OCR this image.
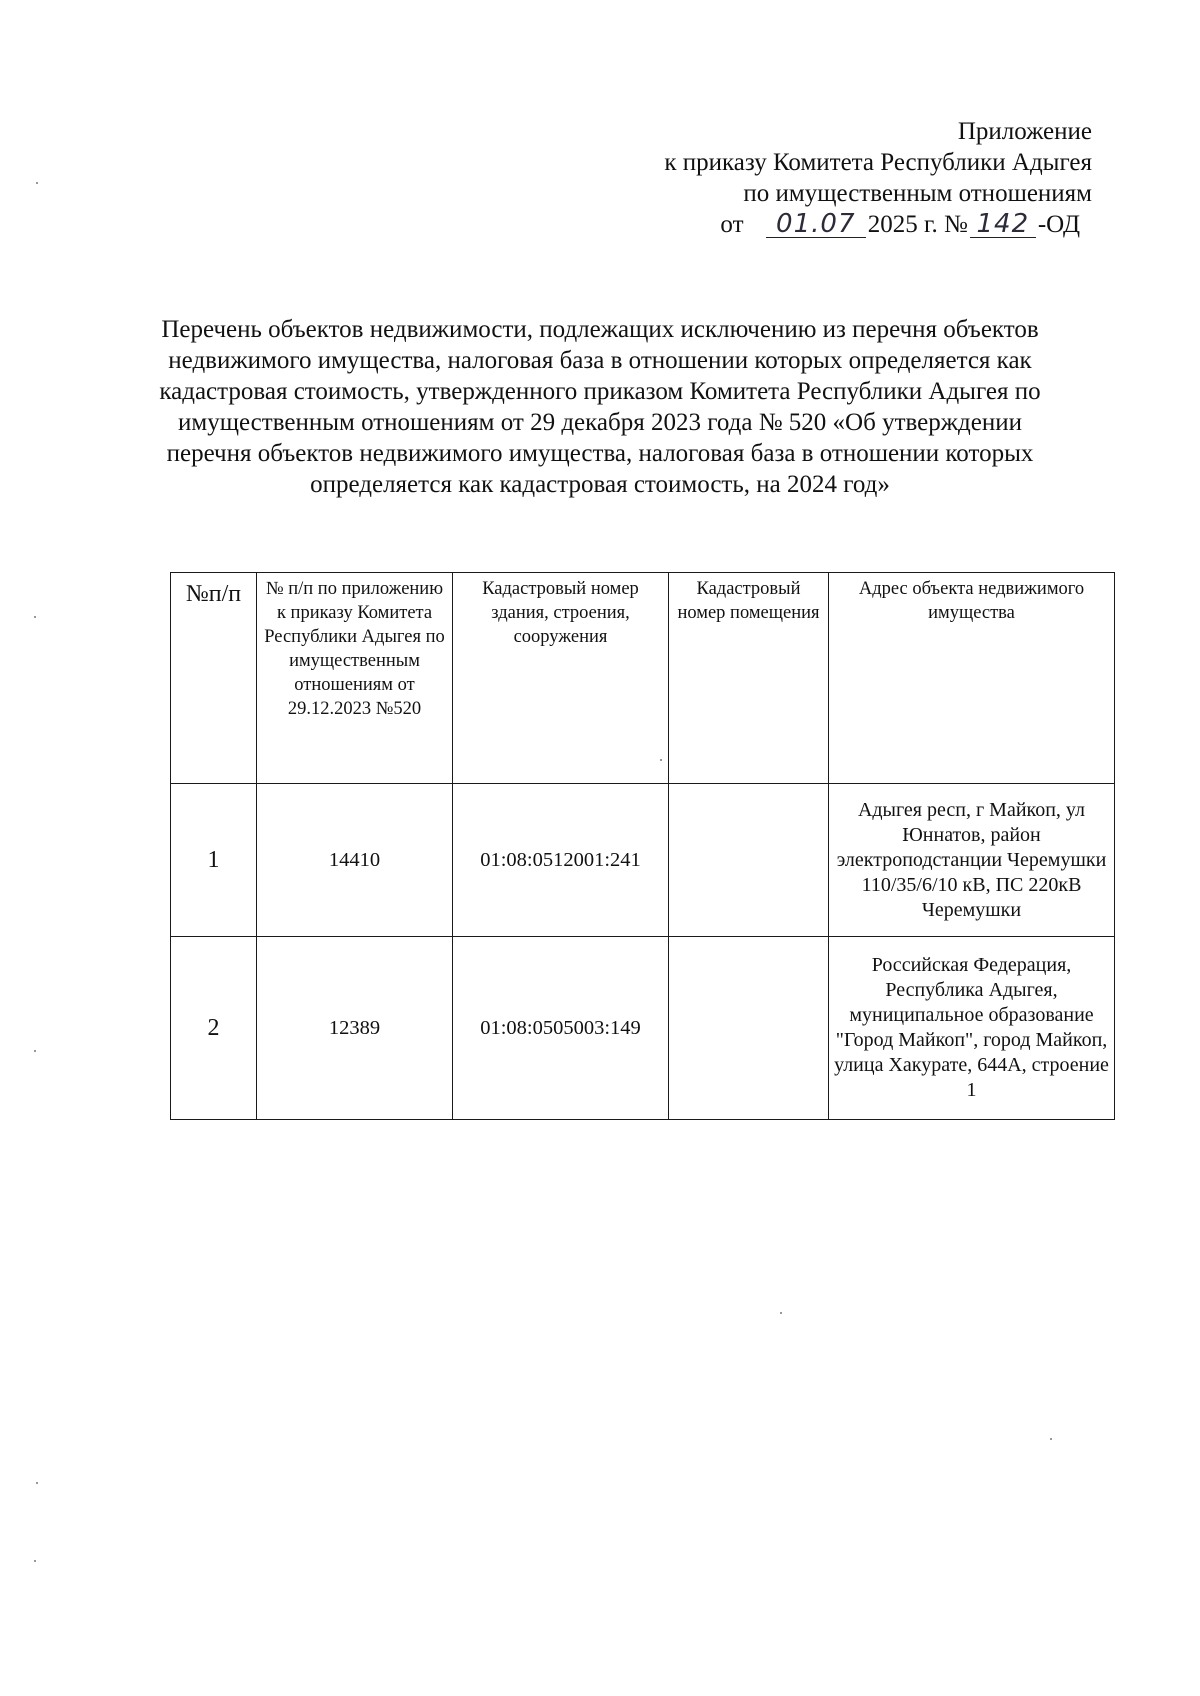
Приложение
к приказу Комитета Республики Адыгея
по имущественным отношениям
от 01.07 2025 г. № 142 -ОД
Перечень объектов недвижимости, подлежащих исключению из перечня объектов недвижимого имущества, налоговая база в отношении которых определяется как кадастровая стоимость, утвержденного приказом Комитета Республики Адыгея по имущественным отношениям от 29 декабря 2023 года № 520 «Об утверждении перечня объектов недвижимого имущества, налоговая база в отношении которых определяется как кадастровая стоимость, на 2024 год»
№п/п	№ п/п по приложению к приказу Комитета Республики Адыгея по имущественным отношениям от 29.12.2023 №520	Кадастровый номер здания, строения, сооружения	Кадастровый номер помещения	Адрес объекта недвижимого имущества
1	14410	01:08:0512001:241		Адыгея респ, г Майкоп, ул Юннатов, район электроподстанции Черемушки 110/35/6/10 кВ, ПС 220кВ Черемушки
2	12389	01:08:0505003:149		Российская Федерация, Республика Адыгея, муниципальное образование "Город Майкоп", город Майкоп, улица Хакурате, 644А, строение 1
